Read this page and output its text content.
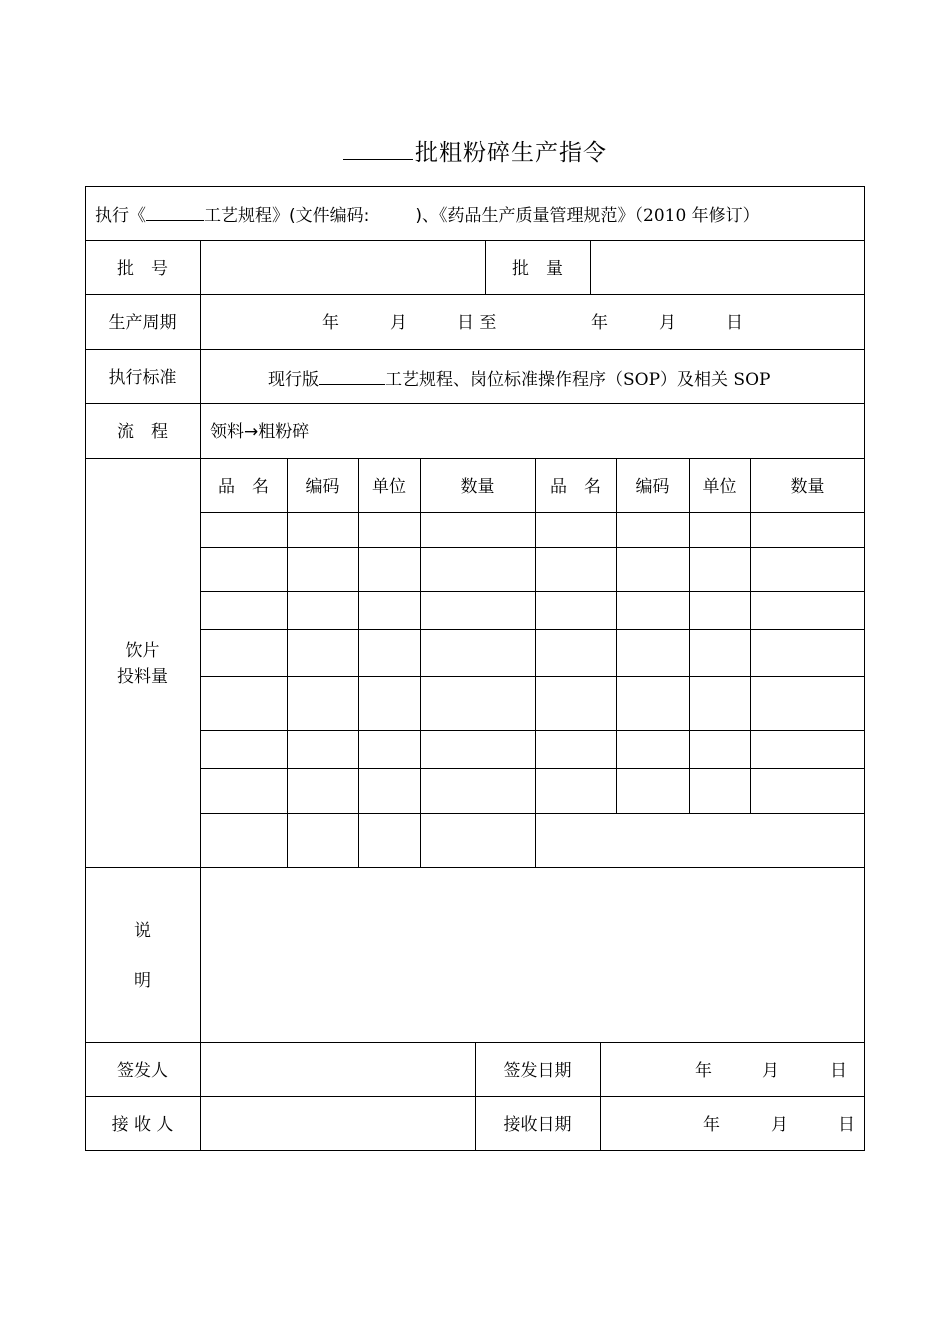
批粗粉碎生产指令
执行《	工艺规程》(文件编码:	)、《药品生产质量管理规范》（2010 年修订）
批　号	批　量
生产周期	年	月	日 至	年	月	日
执行标准	现行版	工艺规程、岗位标准操作程序（SOP）及相关 SOP
流　程	领料→粗粉碎
饮片
投料量
品　名	编码	单位	数量	品　名	编码	单位	数量
说
明
签发人	签发日期	年	月	日
接 收 人	接收日期	年	月	日
